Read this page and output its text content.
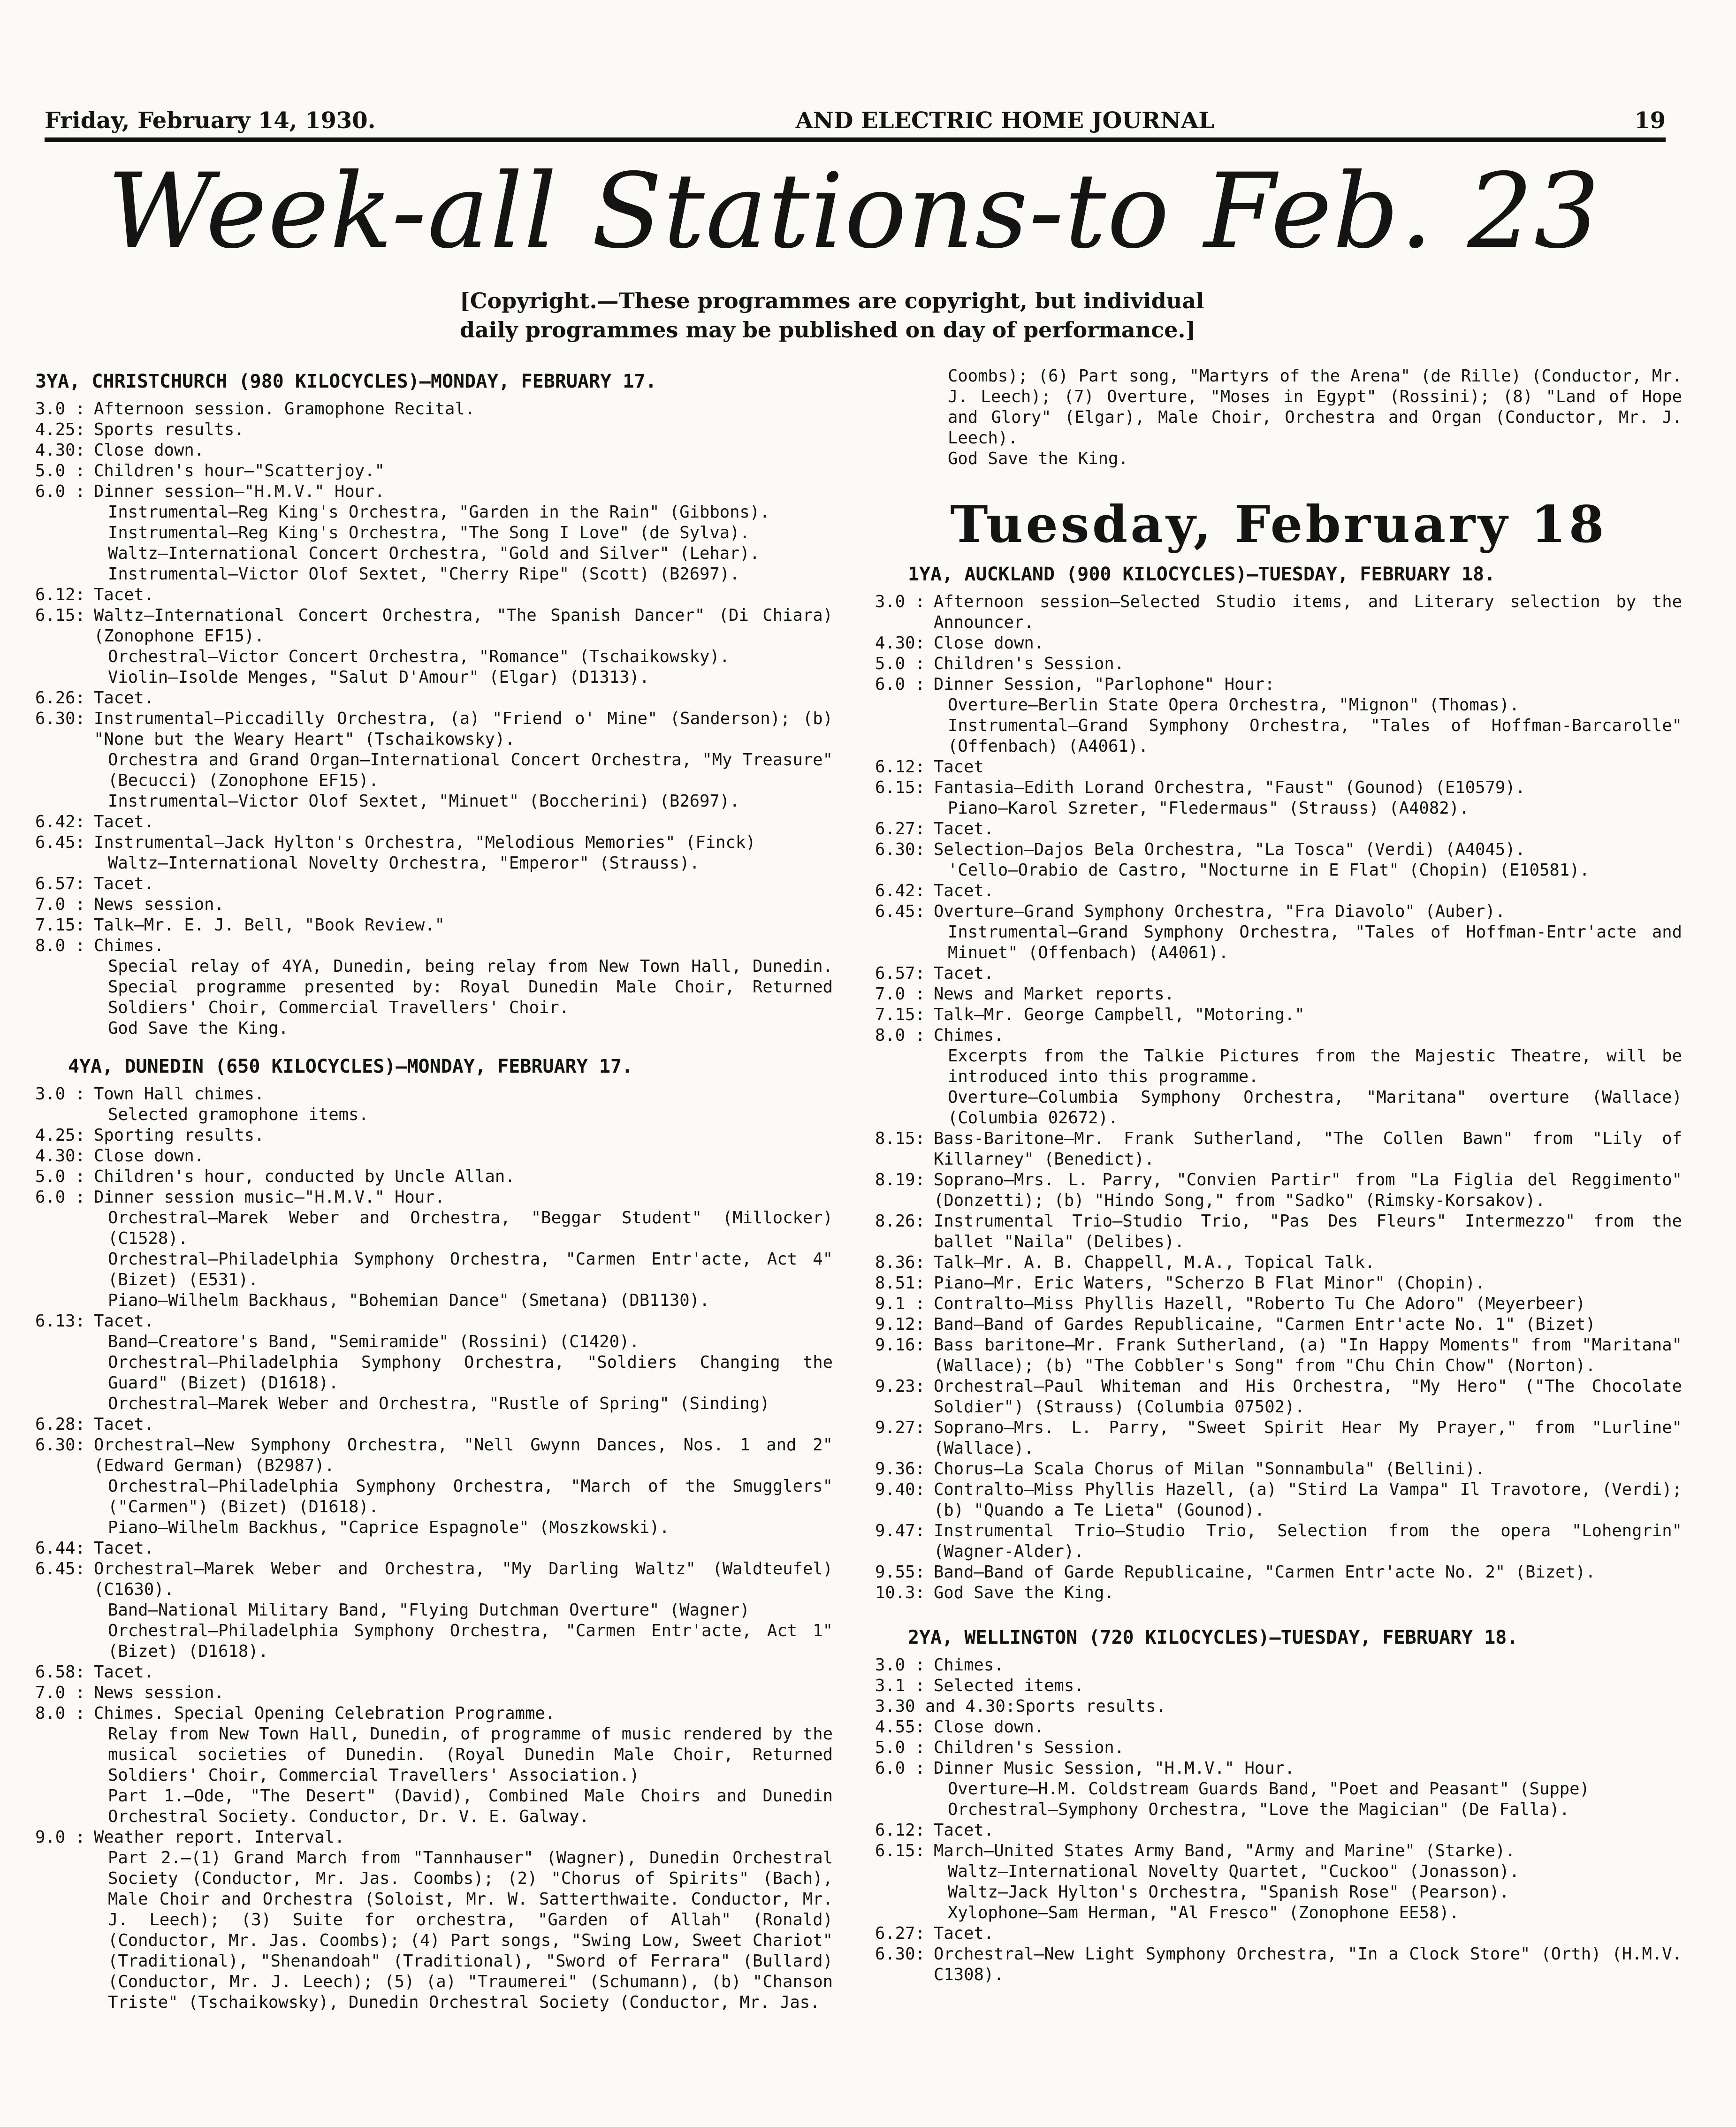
Friday, February 14, 1930.	AND ELECTRIC HOME JOURNAL	19
Week-all Stations-to Feb. 23
[Copyright.—These programmes are copyright, but individual daily programmes may be published on day of performance.]
3YA, CHRISTCHURCH (980 KILOCYCLES)—MONDAY, FEBRUARY 17.
3.0 : Afternoon session. Gramophone Recital.
4.25: Sports results.
4.30: Close down.
5.0 : Children's hour—"Scatterjoy."
6.0 : Dinner session—"H.M.V." Hour.
Instrumental—Reg King's Orchestra, "Garden in the Rain" (Gibbons).
Instrumental—Reg King's Orchestra, "The Song I Love" (de Sylva).
Waltz—International Concert Orchestra, "Gold and Silver" (Lehar).
Instrumental—Victor Olof Sextet, "Cherry Ripe" (Scott) (B2697).
6.12: Tacet.
6.15: Waltz—International Concert Orchestra, "The Spanish Dancer" (Di Chiara) (Zonophone EF15).
Orchestral—Victor Concert Orchestra, "Romance" (Tschaikowsky).
Violin—Isolde Menges, "Salut D'Amour" (Elgar) (D1313).
6.26: Tacet.
6.30: Instrumental—Piccadilly Orchestra, (a) "Friend o' Mine" (Sanderson); (b) "None but the Weary Heart" (Tschaikowsky).
Orchestra and Grand Organ—International Concert Orchestra, "My Treasure" (Becucci) (Zonophone EF15).
Instrumental—Victor Olof Sextet, "Minuet" (Boccherini) (B2697).
6.42: Tacet.
6.45: Instrumental—Jack Hylton's Orchestra, "Melodious Memories" (Finck)
Waltz—International Novelty Orchestra, "Emperor" (Strauss).
6.57: Tacet.
7.0 : News session.
7.15: Talk—Mr. E. J. Bell, "Book Review."
8.0 : Chimes.
Special relay of 4YA, Dunedin, being relay from New Town Hall, Dunedin. Special programme presented by: Royal Dunedin Male Choir, Returned Soldiers' Choir, Commercial Travellers' Choir.
God Save the King.
4YA, DUNEDIN (650 KILOCYCLES)—MONDAY, FEBRUARY 17.
3.0 : Town Hall chimes.
Selected gramophone items.
4.25: Sporting results.
4.30: Close down.
5.0 : Children's hour, conducted by Uncle Allan.
6.0 : Dinner session music—"H.M.V." Hour.
Orchestral—Marek Weber and Orchestra, "Beggar Student" (Millocker) (C1528).
Orchestral—Philadelphia Symphony Orchestra, "Carmen Entr'acte, Act 4" (Bizet) (E531).
Piano—Wilhelm Backhaus, "Bohemian Dance" (Smetana) (DB1130).
6.13: Tacet.
Band—Creatore's Band, "Semiramide" (Rossini) (C1420).
Orchestral—Philadelphia Symphony Orchestra, "Soldiers Changing the Guard" (Bizet) (D1618).
Orchestral—Marek Weber and Orchestra, "Rustle of Spring" (Sinding)
6.28: Tacet.
6.30: Orchestral—New Symphony Orchestra, "Nell Gwynn Dances, Nos. 1 and 2" (Edward German) (B2987).
Orchestral—Philadelphia Symphony Orchestra, "March of the Smugglers" ("Carmen") (Bizet) (D1618).
Piano—Wilhelm Backhus, "Caprice Espagnole" (Moszkowski).
6.44: Tacet.
6.45: Orchestral—Marek Weber and Orchestra, "My Darling Waltz" (Waldteufel) (C1630).
Band—National Military Band, "Flying Dutchman Overture" (Wagner)
Orchestral—Philadelphia Symphony Orchestra, "Carmen Entr'acte, Act 1" (Bizet) (D1618).
6.58: Tacet.
7.0 : News session.
8.0 : Chimes. Special Opening Celebration Programme.
Relay from New Town Hall, Dunedin, of programme of music rendered by the musical societies of Dunedin. (Royal Dunedin Male Choir, Returned Soldiers' Choir, Commercial Travellers' Association.)
Part 1.—Ode, "The Desert" (David), Combined Male Choirs and Dunedin Orchestral Society. Conductor, Dr. V. E. Galway.
9.0 : Weather report. Interval.
Part 2.—(1) Grand March from "Tannhauser" (Wagner), Dunedin Orchestral Society (Conductor, Mr. Jas. Coombs); (2) "Chorus of Spirits" (Bach), Male Choir and Orchestra (Soloist, Mr. W. Satterthwaite. Conductor, Mr. J. Leech); (3) Suite for orchestra, "Garden of Allah" (Ronald) (Conductor, Mr. Jas. Coombs); (4) Part songs, "Swing Low, Sweet Chariot" (Traditional), "Shenandoah" (Traditional), "Sword of Ferrara" (Bullard) (Conductor, Mr. J. Leech); (5) (a) "Traumerei" (Schumann), (b) "Chanson Triste" (Tschaikowsky), Dunedin Orchestral Society (Conductor, Mr. Jas.
Coombs); (6) Part song, "Martyrs of the Arena" (de Rille) (Conductor, Mr. J. Leech); (7) Overture, "Moses in Egypt" (Rossini); (8) "Land of Hope and Glory" (Elgar), Male Choir, Orchestra and Organ (Conductor, Mr. J. Leech).
God Save the King.
Tuesday, February 18
1YA, AUCKLAND (900 KILOCYCLES)—TUESDAY, FEBRUARY 18.
3.0 : Afternoon session—Selected Studio items, and Literary selection by the Announcer.
4.30: Close down.
5.0 : Children's Session.
6.0 : Dinner Session, "Parlophone" Hour:
Overture—Berlin State Opera Orchestra, "Mignon" (Thomas).
Instrumental—Grand Symphony Orchestra, "Tales of Hoffman-Barcarolle" (Offenbach) (A4061).
6.12: Tacet
6.15: Fantasia—Edith Lorand Orchestra, "Faust" (Gounod) (E10579).
Piano—Karol Szreter, "Fledermaus" (Strauss) (A4082).
6.27: Tacet.
6.30: Selection—Dajos Bela Orchestra, "La Tosca" (Verdi) (A4045).
'Cello—Orabio de Castro, "Nocturne in E Flat" (Chopin) (E10581).
6.42: Tacet.
6.45: Overture—Grand Symphony Orchestra, "Fra Diavolo" (Auber).
Instrumental—Grand Symphony Orchestra, "Tales of Hoffman-Entr'acte and Minuet" (Offenbach) (A4061).
6.57: Tacet.
7.0 : News and Market reports.
7.15: Talk—Mr. George Campbell, "Motoring."
8.0 : Chimes.
Excerpts from the Talkie Pictures from the Majestic Theatre, will be introduced into this programme.
Overture—Columbia Symphony Orchestra, "Maritana" overture (Wallace) (Columbia 02672).
8.15: Bass-Baritone—Mr. Frank Sutherland, "The Collen Bawn" from "Lily of Killarney" (Benedict).
8.19: Soprano—Mrs. L. Parry, "Convien Partir" from "La Figlia del Reggimento" (Donzetti); (b) "Hindo Song," from "Sadko" (Rimsky-Korsakov).
8.26: Instrumental Trio—Studio Trio, "Pas Des Fleurs" Intermezzo" from the ballet "Naila" (Delibes).
8.36: Talk—Mr. A. B. Chappell, M.A., Topical Talk.
8.51: Piano—Mr. Eric Waters, "Scherzo B Flat Minor" (Chopin).
9.1 : Contralto—Miss Phyllis Hazell, "Roberto Tu Che Adoro" (Meyerbeer)
9.12: Band—Band of Gardes Republicaine, "Carmen Entr'acte No. 1" (Bizet)
9.16: Bass baritone—Mr. Frank Sutherland, (a) "In Happy Moments" from "Maritana" (Wallace); (b) "The Cobbler's Song" from "Chu Chin Chow" (Norton).
9.23: Orchestral—Paul Whiteman and His Orchestra, "My Hero" ("The Chocolate Soldier") (Strauss) (Columbia 07502).
9.27: Soprano—Mrs. L. Parry, "Sweet Spirit Hear My Prayer," from "Lurline" (Wallace).
9.36: Chorus—La Scala Chorus of Milan "Sonnambula" (Bellini).
9.40: Contralto—Miss Phyllis Hazell, (a) "Stird La Vampa" Il Travotore, (Verdi); (b) "Quando a Te Lieta" (Gounod).
9.47: Instrumental Trio—Studio Trio, Selection from the opera "Lohengrin" (Wagner-Alder).
9.55: Band—Band of Garde Republicaine, "Carmen Entr'acte No. 2" (Bizet).
10.3: God Save the King.
2YA, WELLINGTON (720 KILOCYCLES)—TUESDAY, FEBRUARY 18.
3.0 : Chimes.
3.1 : Selected items.
3.30 and 4.30: Sports results.
4.55: Close down.
5.0 : Children's Session.
6.0 : Dinner Music Session, "H.M.V." Hour.
Overture—H.M. Coldstream Guards Band, "Poet and Peasant" (Suppe)
Orchestral—Symphony Orchestra, "Love the Magician" (De Falla).
6.12: Tacet.
6.15: March—United States Army Band, "Army and Marine" (Starke).
Waltz—International Novelty Quartet, "Cuckoo" (Jonasson).
Waltz—Jack Hylton's Orchestra, "Spanish Rose" (Pearson).
Xylophone—Sam Herman, "Al Fresco" (Zonophone EE58).
6.27: Tacet.
6.30: Orchestral—New Light Symphony Orchestra, "In a Clock Store" (Orth) (H.M.V. C1308).
